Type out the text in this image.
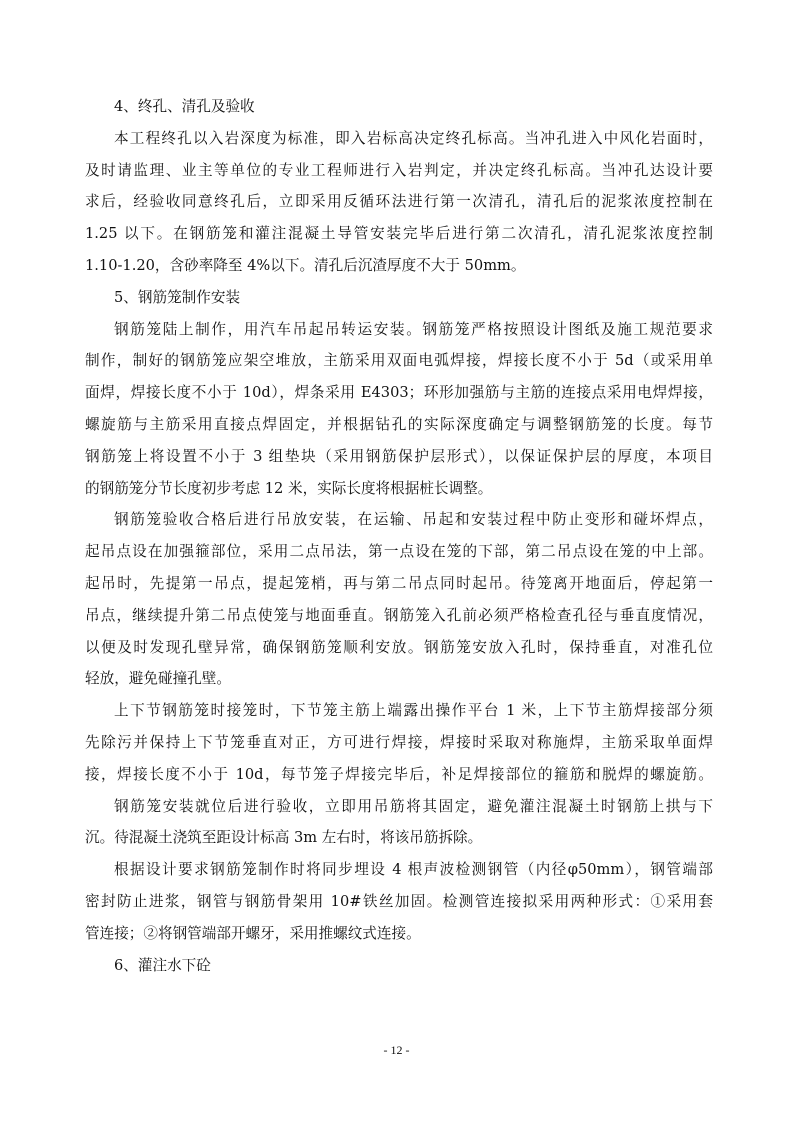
4、终孔、清孔及验收
本工程终孔以入岩深度为标准，即入岩标高决定终孔标高。当冲孔进入中风化岩面时，
及时请监理、业主等单位的专业工程师进行入岩判定，并决定终孔标高。当冲孔达设计要
求后，经验收同意终孔后，立即采用反循环法进行第一次清孔，清孔后的泥浆浓度控制在
1.25 以下。在钢筋笼和灌注混凝土导管安装完毕后进行第二次清孔，清孔泥浆浓度控制
1.10-1.20，含砂率降至 4%以下。清孔后沉渣厚度不大于 50mm。
5、钢筋笼制作安装
钢筋笼陆上制作，用汽车吊起吊转运安装。钢筋笼严格按照设计图纸及施工规范要求
制作，制好的钢筋笼应架空堆放，主筋采用双面电弧焊接，焊接长度不小于 5d（或采用单
面焊，焊接长度不小于 10d），焊条采用 E4303；环形加强筋与主筋的连接点采用电焊焊接，
螺旋筋与主筋采用直接点焊固定，并根据钻孔的实际深度确定与调整钢筋笼的长度。每节
钢筋笼上将设置不小于 3 组垫块（采用钢筋保护层形式），以保证保护层的厚度，本项目
的钢筋笼分节长度初步考虑 12 米，实际长度将根据桩长调整。
钢筋笼验收合格后进行吊放安装，在运输、吊起和安装过程中防止变形和碰坏焊点，
起吊点设在加强箍部位，采用二点吊法，第一点设在笼的下部，第二吊点设在笼的中上部。
起吊时，先提第一吊点，提起笼梢，再与第二吊点同时起吊。待笼离开地面后，停起第一
吊点，继续提升第二吊点使笼与地面垂直。钢筋笼入孔前必须严格检查孔径与垂直度情况，
以便及时发现孔壁异常，确保钢筋笼顺利安放。钢筋笼安放入孔时，保持垂直，对准孔位
轻放，避免碰撞孔壁。
上下节钢筋笼时接笼时，下节笼主筋上端露出操作平台 1 米，上下节主筋焊接部分须
先除污并保持上下节笼垂直对正，方可进行焊接，焊接时采取对称施焊，主筋采取单面焊
接，焊接长度不小于 10d，每节笼子焊接完毕后，补足焊接部位的箍筋和脱焊的螺旋筋。
钢筋笼安装就位后进行验收，立即用吊筋将其固定，避免灌注混凝土时钢筋上拱与下
沉。待混凝土浇筑至距设计标高 3m 左右时，将该吊筋拆除。
根据设计要求钢筋笼制作时将同步埋设 4 根声波检测钢管（内径φ50mm），钢管端部
密封防止进浆，钢管与钢筋骨架用 10#铁丝加固。检测管连接拟采用两种形式：①采用套
管连接；②将钢管端部开螺牙，采用推螺纹式连接。
6、灌注水下砼
- 12 -
